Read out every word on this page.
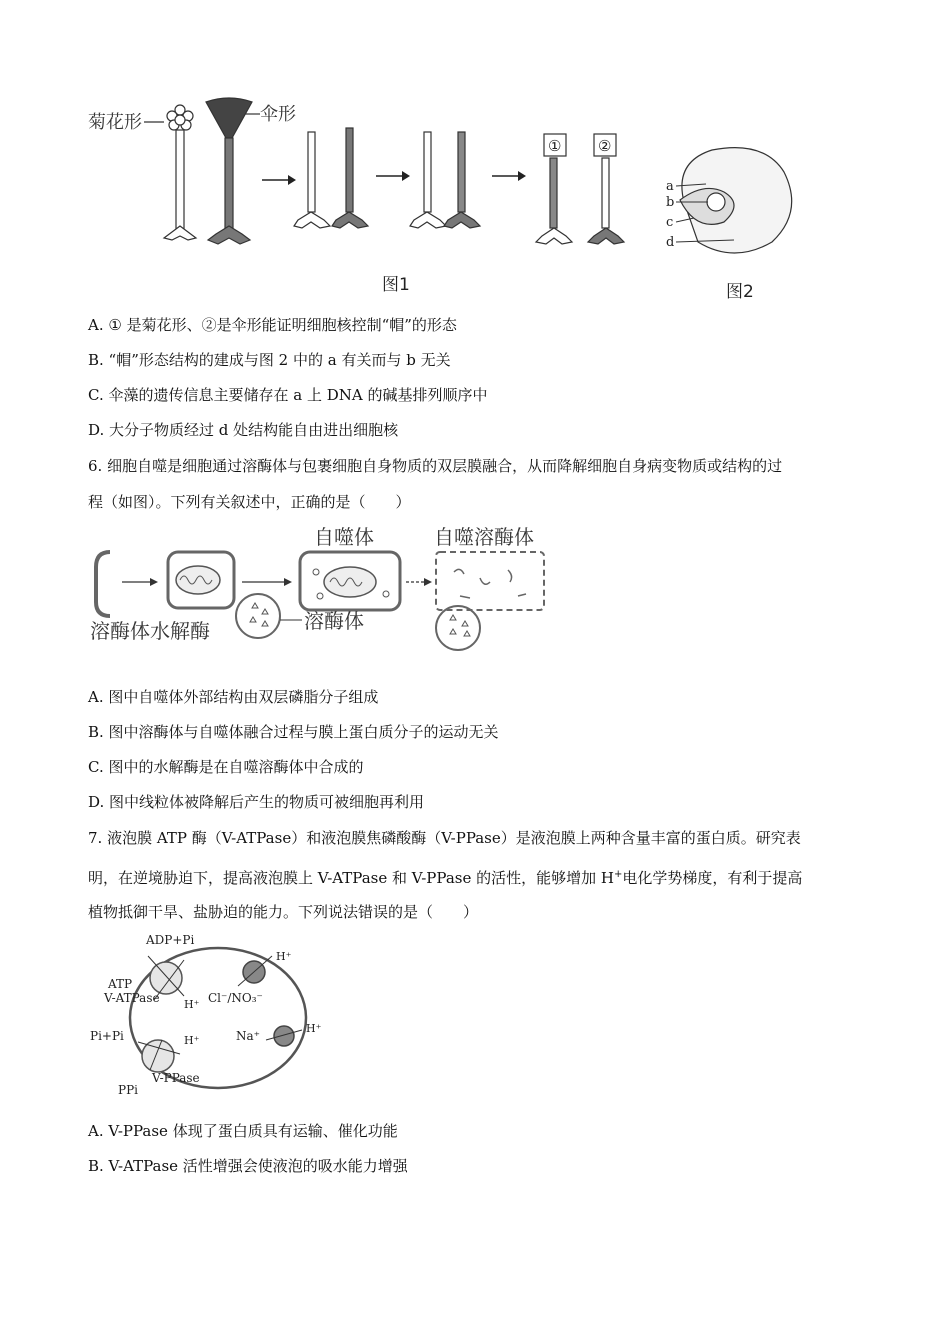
菊花形	伞形
① ②
a
b
c
d
图1	图2
A. ① 是菊花形、②是伞形能证明细胞核控制“帽”的形态
B. “帽”形态结构的建成与图 2 中的 a 有关而与 b 无关
C. 伞藻的遗传信息主要储存在 a 上 DNA 的碱基排列顺序中
D. 大分子物质经过 d 处结构能自由进出细胞核
6. 细胞自噬是细胞通过溶酶体与包裹细胞自身物质的双层膜融合，从而降解细胞自身病变物质或结构的过
程（如图）。下列有关叙述中，正确的是（　　）
自噬体	自噬溶酶体
溶酶体水解酶	溶酶体
A. 图中自噬体外部结构由双层磷脂分子组成
B. 图中溶酶体与自噬体融合过程与膜上蛋白质分子的运动无关
C. 图中的水解酶是在自噬溶酶体中合成的
D. 图中线粒体被降解后产生的物质可被细胞再利用
7. 液泡膜 ATP 酶（V-ATPase）和液泡膜焦磷酸酶（V-PPase）是液泡膜上两种含量丰富的蛋白质。研究表
明，在逆境胁迫下，提高液泡膜上 V-ATPase 和 V-PPase 的活性，能够增加 H+电化学势梯度，有利于提高
植物抵御干旱、盐胁迫的能力。下列说法错误的是（　　）
ADP+Pi
ATP
V-ATPase H⁺
H⁺
Cl⁻/NO₃⁻
Na⁺
H⁺
Pi+Pi	H⁺
PPi
V-PPase
A. V-PPase 体现了蛋白质具有运输、催化功能
B. V-ATPase 活性增强会使液泡的吸水能力增强
